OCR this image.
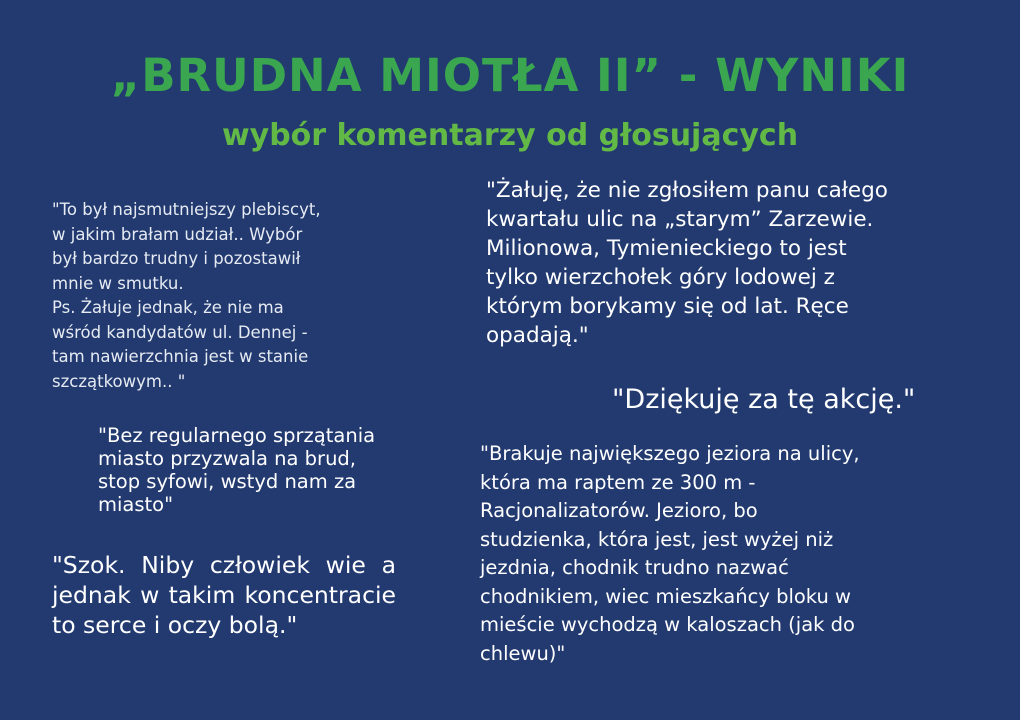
„BRUDNA MIOTŁA II” - WYNIKI
wybór komentarzy od głosujących

"To był najsmutniejszy plebiscyt,
w jakim brałam udział.. Wybór
był bardzo trudny i pozostawił
mnie w smutku.
Ps. Żałuje jednak, że nie ma
wśród kandydatów ul. Dennej -
tam nawierzchnia jest w stanie
szczątkowym.. "

"Bez regularnego sprzątania
miasto przyzwala na brud,
stop syfowi, wstyd nam za
miasto"

"Szok. Niby człowiek wie a jednak w takim koncentracie to serce i oczy bolą."

"Żałuję, że nie zgłosiłem panu całego
kwartału ulic na „starym” Zarzewie.
Milionowa, Tymienieckiego to jest
tylko wierzchołek góry lodowej z
którym borykamy się od lat. Ręce
opadają."

"Dziękuję za tę akcję."

"Brakuje największego jeziora na ulicy,
która ma raptem ze 300 m -
Racjonalizatorów. Jezioro, bo
studzienka, która jest, jest wyżej niż
jezdnia, chodnik trudno nazwać
chodnikiem, wiec mieszkańcy bloku w
mieście wychodzą w kaloszach (jak do
chlewu)"
